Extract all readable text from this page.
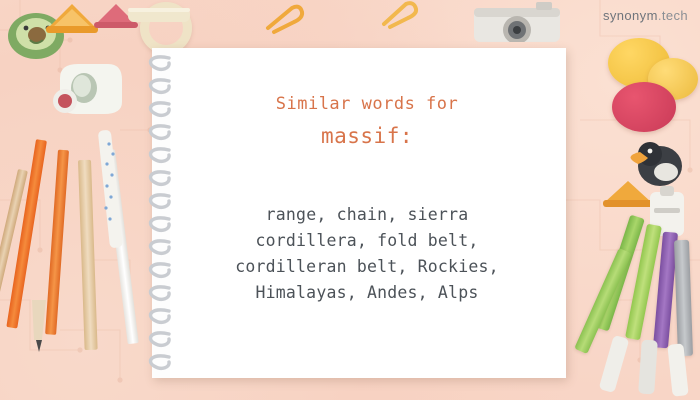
synonym.tech
Similar words for
massif:
range, chain, sierra
cordillera, fold belt,
cordilleran belt, Rockies,
Himalayas, Andes, Alps
